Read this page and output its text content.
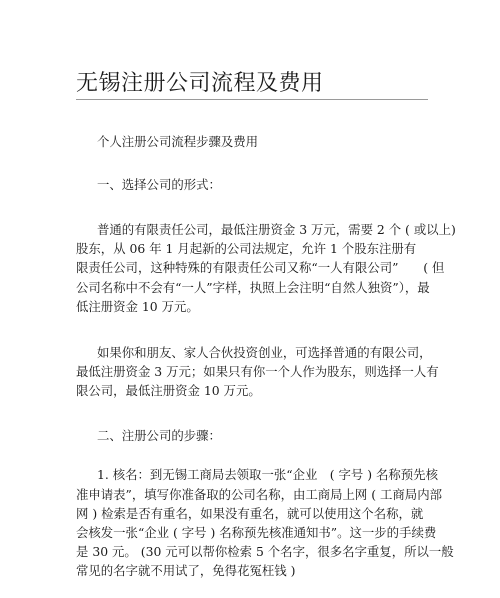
无锡注册公司流程及费用
个人注册公司流程步骤及费用
一、选择公司的形式：
普通的有限责任公司，最低注册资金 3 万元，需要 2 个 ( 或以上)
股东，从 06 年 1 月起新的公司法规定，允许 1 个股东注册有
限责任公司，这种特殊的有限责任公司又称“一人有限公司”　　( 但
公司名称中不会有“一人”字样，执照上会注明“自然人独资”），最
低注册资金 10 万元。
如果你和朋友、家人合伙投资创业，可选择普通的有限公司，
最低注册资金 3 万元；如果只有你一个人作为股东，则选择一人有
限公司，最低注册资金 10 万元。
二、注册公司的步骤：
1. 核名：到无锡工商局去领取一张“企业　( 字号 ) 名称预先核
准申请表”，填写你准备取的公司名称，由工商局上网 ( 工商局内部
网 ) 检索是否有重名，如果没有重名，就可以使用这个名称，就
会核发一张“企业 ( 字号 ) 名称预先核准通知书”。这一步的手续费
是 30 元。 (30 元可以帮你检索 5 个名字，很多名字重复，所以一般
常见的名字就不用试了，免得花冤枉钱 )
